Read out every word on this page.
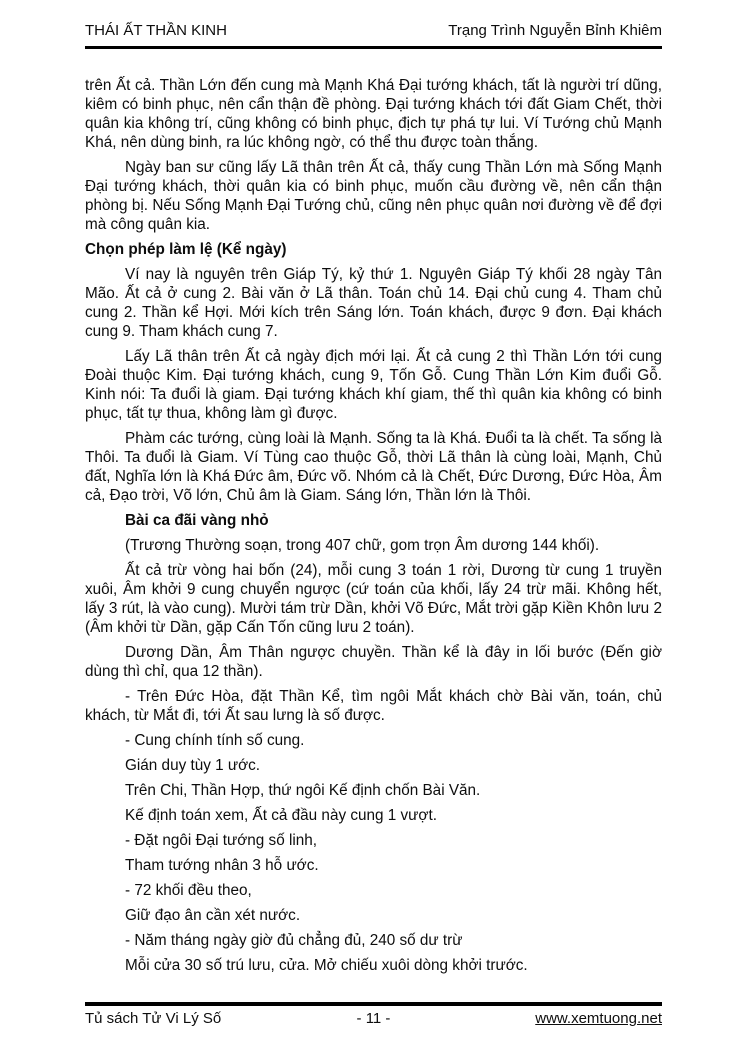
THÁI ẤT THẦN KINH	Trạng Trình Nguyễn Bỉnh Khiêm

trên Ất cả. Thần Lớn đến cung mà Mạnh Khá Đại tướng khách, tất là người trí dũng, kiêm có binh phục, nên cẩn thận đề phòng. Đại tướng khách tới đất Giam Chết, thời quân kia không trí, cũng không có binh phục, địch tự phá tự lui. Ví Tướng chủ Mạnh Khá, nên dùng binh, ra lúc không ngờ, có thể thu được toàn thắng.

Ngày ban sư cũng lấy Lã thân trên Ất cả, thấy cung Thần Lớn mà Sống Mạnh Đại tướng khách, thời quân kia có binh phục, muốn cầu đường về, nên cẩn thận phòng bị. Nếu Sống Mạnh Đại Tướng chủ, cũng nên phục quân nơi đường về để đợi mà công quân kia.

Chọn phép làm lệ (Kể ngày)

Ví nay là nguyên trên Giáp Tý, kỷ thứ 1. Nguyên Giáp Tý khối 28 ngày Tân Mão. Ất cả ở cung 2. Bài văn ở Lã thân. Toán chủ 14. Đại chủ cung 4. Tham chủ cung 2. Thần kể Hợi. Mới kích trên Sáng lớn. Toán khách, được 9 đơn. Đại khách cung 9. Tham khách cung 7.

Lấy Lã thân trên Ất cả ngày địch mới lại. Ất cả cung 2 thì Thần Lớn tới cung Đoài thuộc Kim. Đại tướng khách, cung 9, Tốn Gỗ. Cung Thần Lớn Kim đuổi Gỗ. Kinh nói: Ta đuổi là giam. Đại tướng khách khí giam, thế thì quân kia không có binh phục, tất tự thua, không làm gì được.

Phàm các tướng, cùng loài là Mạnh. Sống ta là Khá. Đuổi ta là chết. Ta sống là Thôi. Ta đuổi là Giam. Ví Tùng cao thuộc Gỗ, thời Lã thân là cùng loài, Mạnh, Chủ đất, Nghĩa lớn là Khá Đức âm, Đức võ. Nhóm cả là Chết, Đức Dương, Đức Hòa, Âm cả, Đạo trời, Võ lớn, Chủ âm là Giam. Sáng lớn, Thần lớn là Thôi.

Bài ca đãi vàng nhỏ

(Trương Thường soạn, trong 407 chữ, gom trọn Âm dương 144 khối).

Ất cả trừ vòng hai bốn (24), mỗi cung 3 toán 1 rời, Dương từ cung 1 truyền xuôi, Âm khởi 9 cung chuyển ngược (cứ toán của khối, lấy 24 trừ mãi. Không hết, lấy 3 rút, là vào cung). Mười tám trừ Dần, khởi Võ Đức, Mắt trời gặp Kiền Khôn lưu 2 (Âm khởi từ Dần, gặp Cấn Tốn cũng lưu 2 toán).

Dương Dần, Âm Thân ngược chuyền. Thần kể là đây in lối bước (Đến giờ dùng thì chỉ, qua 12 thần).

- Trên Đức Hòa, đặt Thần Kể, tìm ngôi Mắt khách chờ Bài văn, toán, chủ khách, từ Mắt đi, tới Ất sau lưng là số được.

- Cung chính tính số cung.

Gián duy tùy 1 ước.

Trên Chi, Thần Hợp, thứ ngôi Kế định chốn Bài Văn.

Kế định toán xem, Ất cả đầu này cung 1 vượt.

- Đặt ngôi Đại tướng số linh,

Tham tướng nhân 3 hỗ ước.

- 72 khối đều theo,

Giữ đạo ân cần xét nước.

- Năm tháng ngày giờ đủ chẳng đủ, 240 số dư trừ

Mỗi cửa 30 số trú lưu, cửa. Mở chiếu xuôi dòng khởi trước.

Tủ sách Tử Vi Lý Số	- 11 -	www.xemtuong.net
